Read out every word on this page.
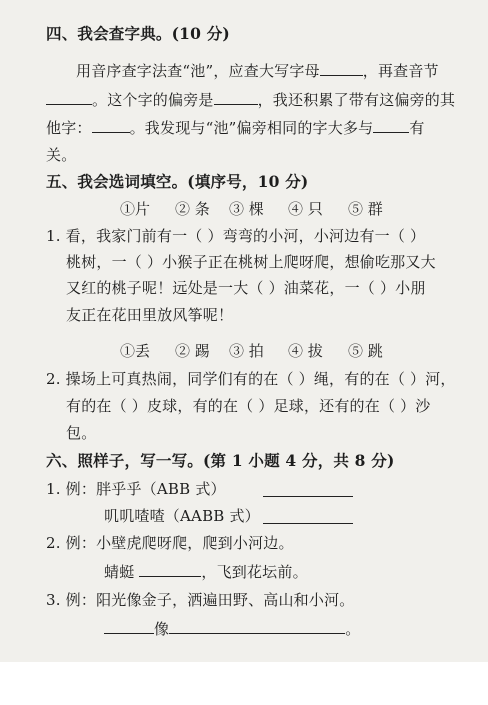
四、我会查字典。(10 分)
用音序查字法查“池”，应查大写字母	，再查音节
。这个字的偏旁是	，我还积累了带有这偏旁的其
他字：	。我发现与“池”偏旁相同的字大多与 有
关。
五、我会选词填空。(填序号，10 分)
①片 ② 条 ③ 棵 ④ 只 ⑤ 群
1. 看，我家门前有一（ ）弯弯的小河，小河边有一（ ）
桃树，一（ ）小猴子正在桃树上爬呀爬，想偷吃那又大
又红的桃子呢！远处是一大（ ）油菜花，一（ ）小朋
友正在花田里放风筝呢！
①丢 ② 踢 ③ 拍 ④ 拔 ⑤ 跳
2. 操场上可真热闹，同学们有的在（ ）绳，有的在（ ）河，
有的在（ ）皮球，有的在（ ）足球，还有的在（ ）沙
包。
六、照样子，写一写。(第 1 小题 4 分，共 8 分)
1. 例：胖乎乎（ABB 式）
叽叽喳喳（AABB 式）
2. 例：小壁虎爬呀爬，爬到小河边。
蜻蜓	，飞到花坛前。
3. 例：阳光像金子，洒遍田野、高山和小河。
像	。
